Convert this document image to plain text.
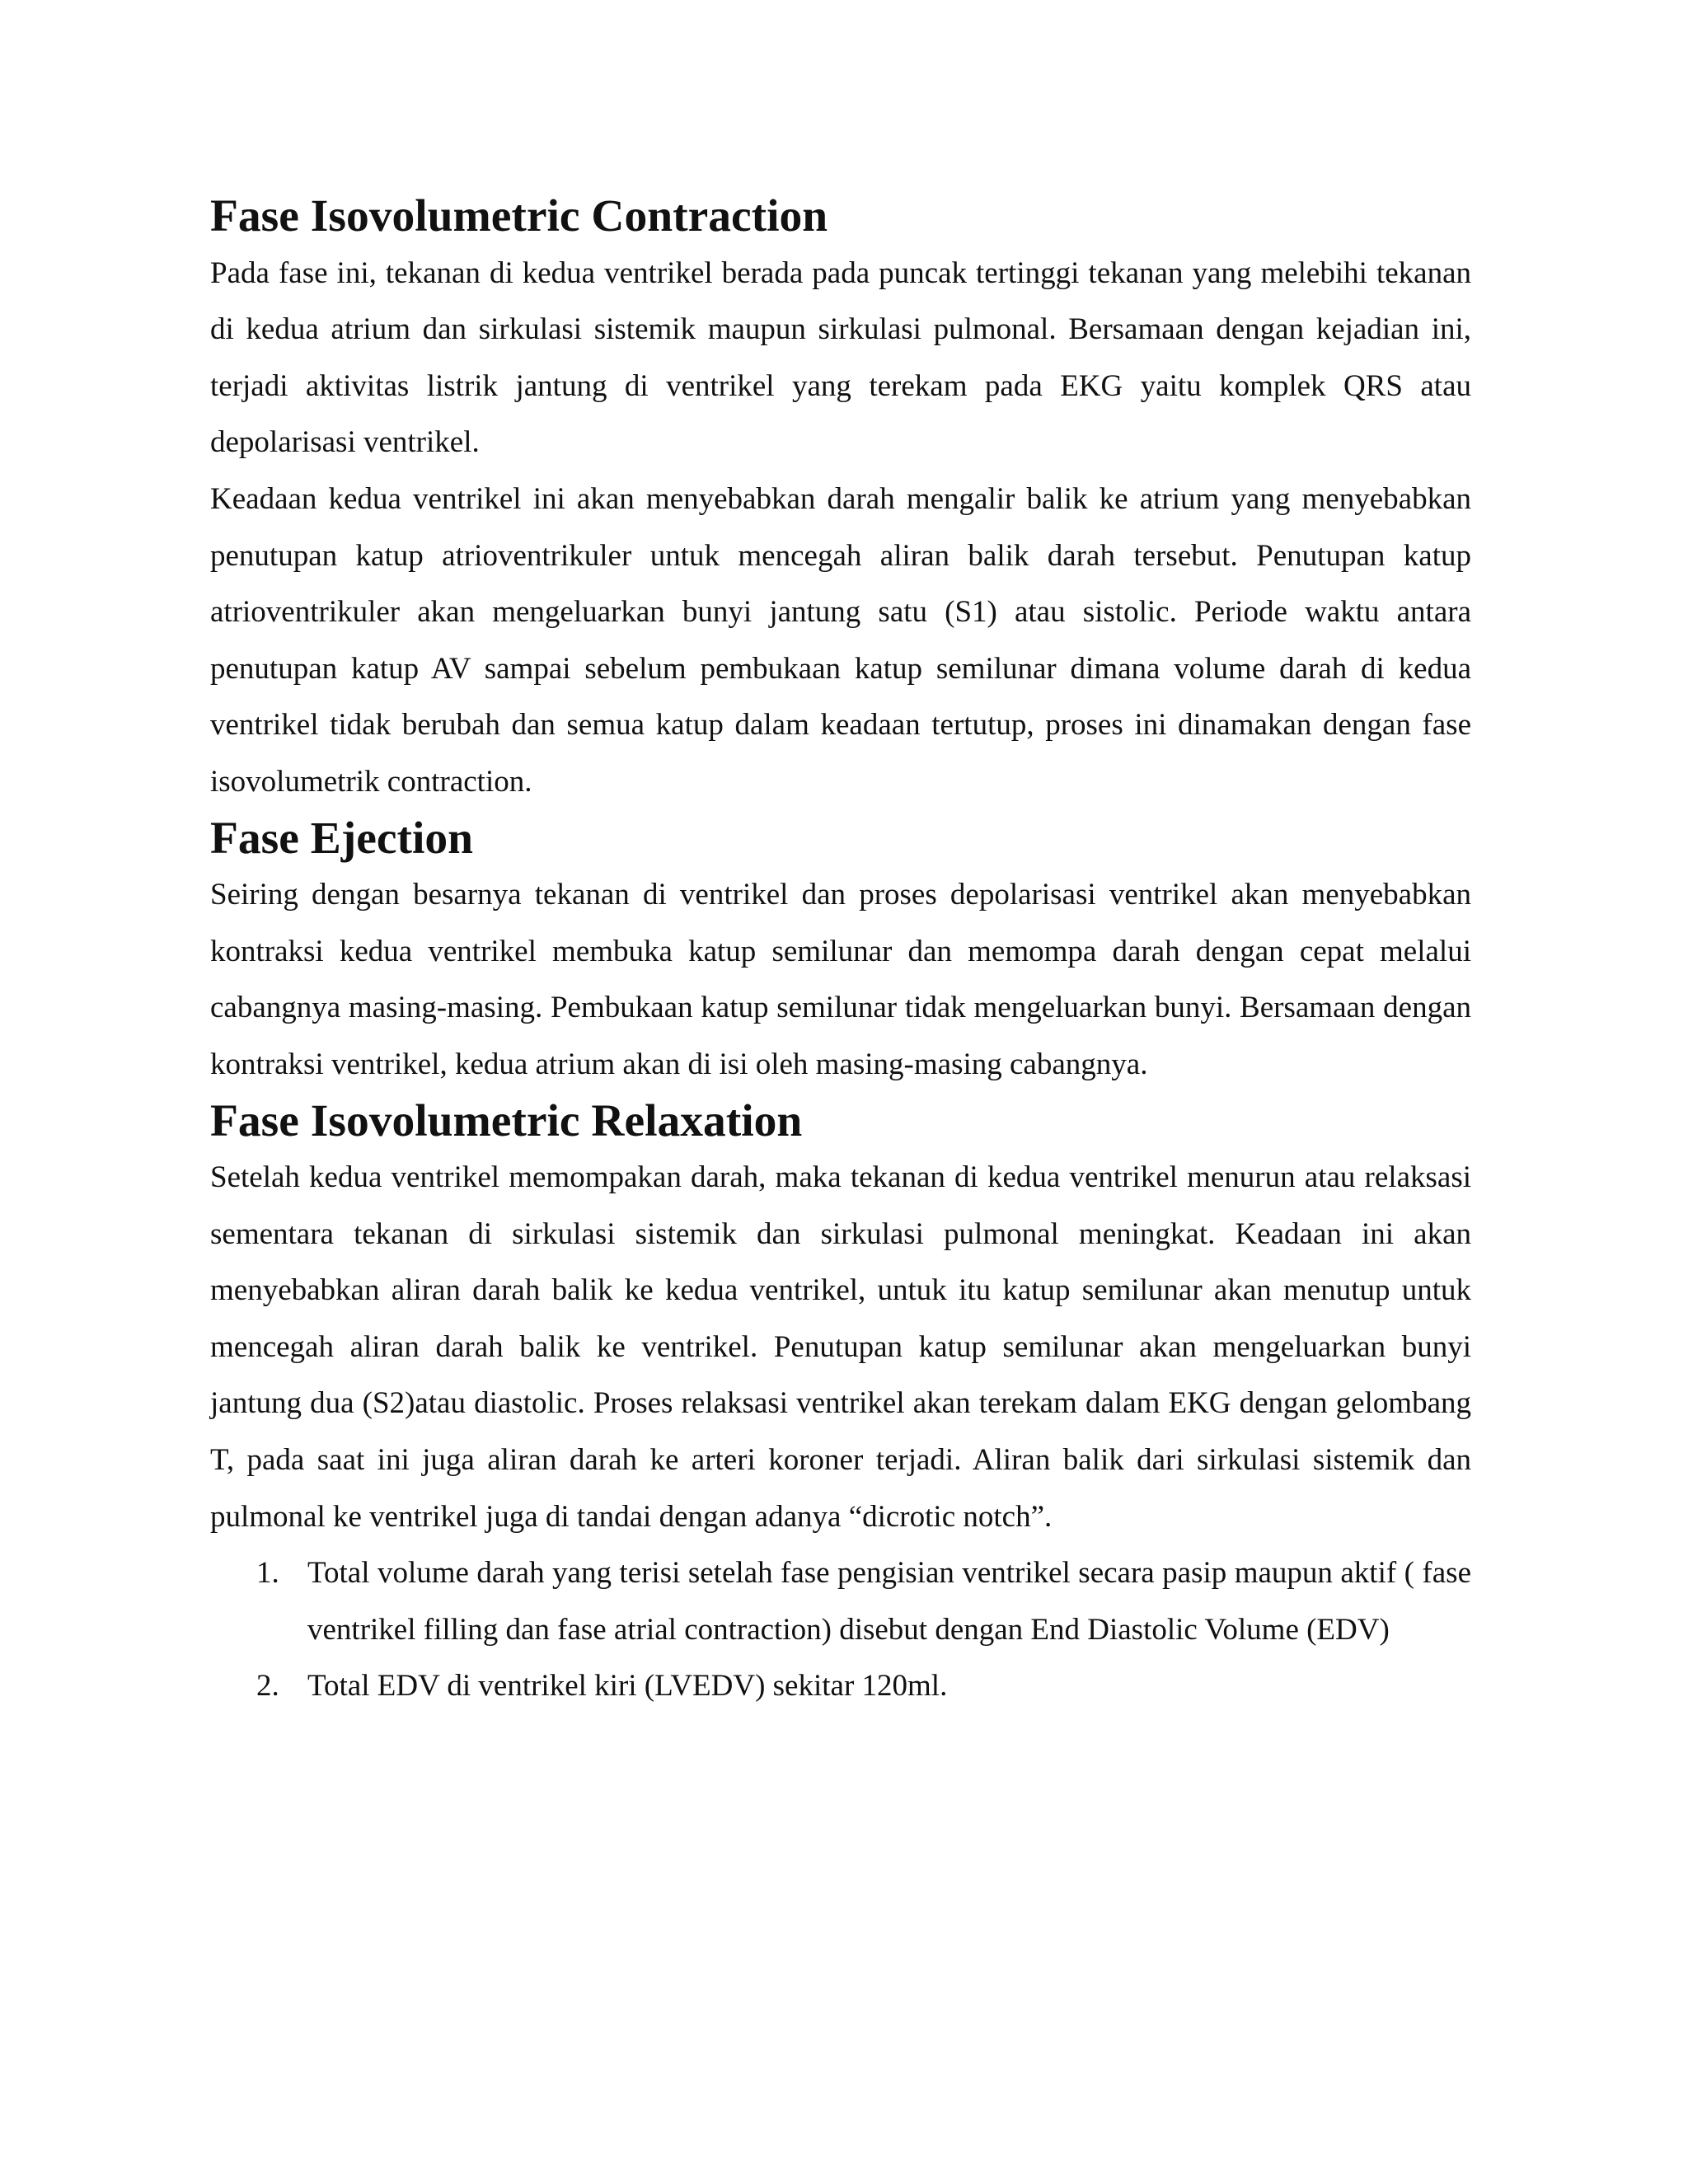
Fase Isovolumetric Contraction

Pada fase ini, tekanan di kedua ventrikel berada pada puncak tertinggi tekanan yang melebihi tekanan di kedua atrium dan sirkulasi sistemik maupun sirkulasi pulmonal. Bersamaan dengan kejadian ini, terjadi aktivitas listrik jantung di ventrikel yang terekam pada EKG yaitu komplek QRS atau depolarisasi ventrikel.

Keadaan kedua ventrikel ini akan menyebabkan darah mengalir balik ke atrium yang menyebabkan penutupan katup atrioventrikuler untuk mencegah aliran balik darah tersebut. Penutupan katup atrioventrikuler akan mengeluarkan bunyi jantung satu (S1) atau sistolic. Periode waktu antara penutupan katup AV sampai sebelum pembukaan katup semilunar dimana volume darah di kedua ventrikel tidak berubah dan semua katup dalam keadaan tertutup, proses ini dinamakan dengan fase isovolumetrik contraction.

Fase Ejection

Seiring dengan besarnya tekanan di ventrikel dan proses depolarisasi ventrikel akan menyebabkan kontraksi kedua ventrikel membuka katup semilunar dan memompa darah dengan cepat melalui cabangnya masing-masing. Pembukaan katup semilunar tidak mengeluarkan bunyi. Bersamaan dengan kontraksi ventrikel, kedua atrium akan di isi oleh masing-masing cabangnya.

Fase Isovolumetric Relaxation

Setelah kedua ventrikel memompakan darah, maka tekanan di kedua ventrikel menurun atau relaksasi sementara tekanan di sirkulasi sistemik dan sirkulasi pulmonal meningkat. Keadaan ini akan menyebabkan aliran darah balik ke kedua ventrikel, untuk itu katup semilunar akan menutup untuk mencegah aliran darah balik ke ventrikel. Penutupan katup semilunar akan mengeluarkan bunyi jantung dua (S2)atau diastolic. Proses relaksasi ventrikel akan terekam dalam EKG dengan gelombang T, pada saat ini juga aliran darah ke arteri koroner terjadi. Aliran balik dari sirkulasi sistemik dan pulmonal ke ventrikel juga di tandai dengan adanya “dicrotic notch”.

1. Total volume darah yang terisi setelah fase pengisian ventrikel secara pasip maupun aktif ( fase ventrikel filling dan fase atrial contraction) disebut dengan End Diastolic Volume (EDV)
2. Total EDV di ventrikel kiri (LVEDV) sekitar 120ml.
